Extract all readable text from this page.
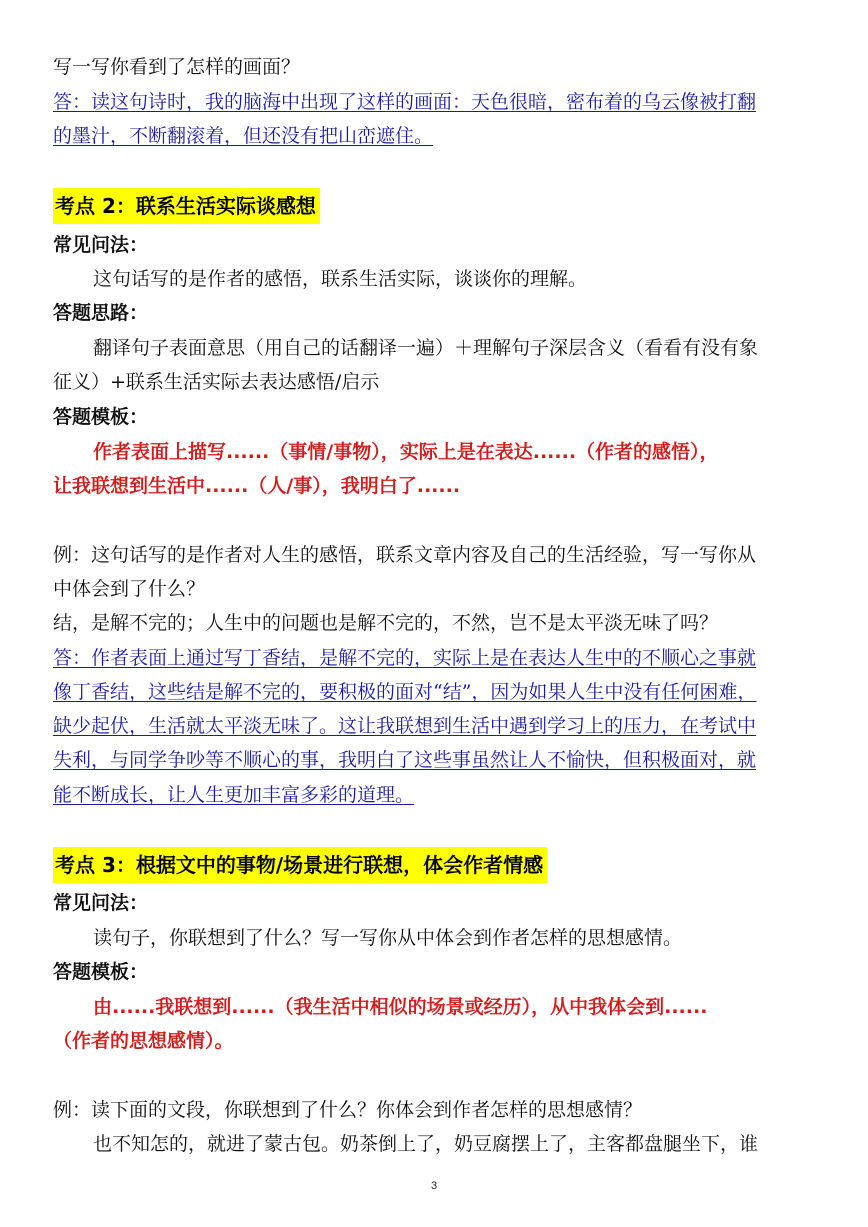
写一写你看到了怎样的画面？
答：读这句诗时，我的脑海中出现了这样的画面：天色很暗，密布着的乌云像被打翻
的墨汁，不断翻滚着，但还没有把山峦遮住。
考点 2：联系生活实际谈感想
常见问法：
这句话写的是作者的感悟，联系生活实际，谈谈你的理解。
答题思路：
翻译句子表面意思（用自己的话翻译一遍）＋理解句子深层含义（看看有没有象
征义）+联系生活实际去表达感悟/启示
答题模板：
作者表面上描写......（事情/事物），实际上是在表达......（作者的感悟），
让我联想到生活中......（人/事），我明白了......
例：这句话写的是作者对人生的感悟，联系文章内容及自己的生活经验，写一写你从
中体会到了什么？
结，是解不完的；人生中的问题也是解不完的，不然，岂不是太平淡无味了吗？
答：作者表面上通过写丁香结，是解不完的，实际上是在表达人生中的不顺心之事就
像丁香结，这些结是解不完的，要积极的面对“结”，因为如果人生中没有任何困难，
缺少起伏，生活就太平淡无味了。这让我联想到生活中遇到学习上的压力，在考试中
失利，与同学争吵等不顺心的事，我明白了这些事虽然让人不愉快，但积极面对，就
能不断成长，让人生更加丰富多彩的道理。
考点 3：根据文中的事物/场景进行联想，体会作者情感
常见问法：
读句子，你联想到了什么？写一写你从中体会到作者怎样的思想感情。
答题模板：
由......我联想到......（我生活中相似的场景或经历），从中我体会到......
（作者的思想感情）。
例：读下面的文段，你联想到了什么？你体会到作者怎样的思想感情？
也不知怎的，就进了蒙古包。奶茶倒上了，奶豆腐摆上了，主客都盘腿坐下，谁
3
